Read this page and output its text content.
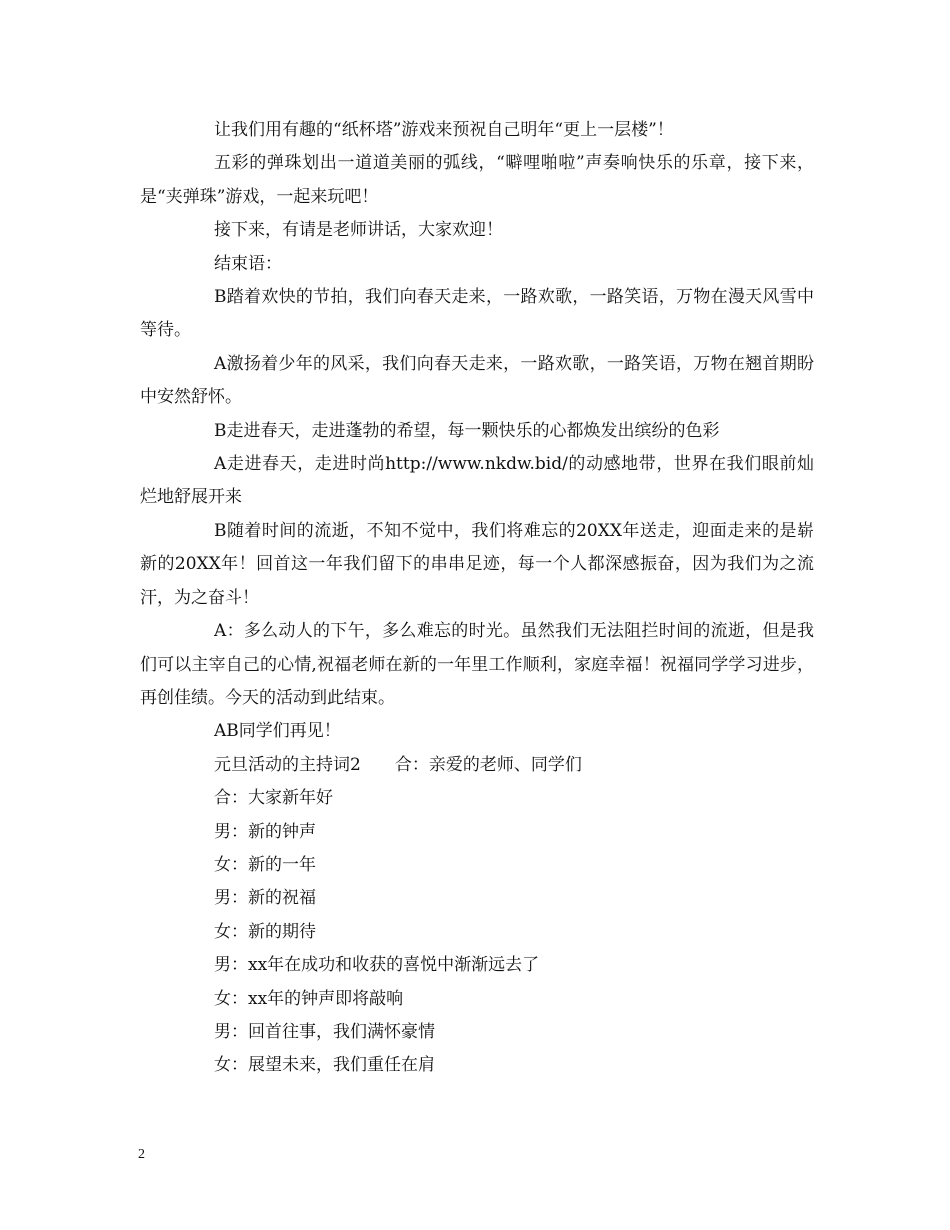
让我们用有趣的“纸杯塔”游戏来预祝自己明年“更上一层楼”！

五彩的弹珠划出一道道美丽的弧线，“噼哩啪啦”声奏响快乐的乐章，接下来，是“夹弹珠”游戏，一起来玩吧！

接下来，有请是老师讲话，大家欢迎！

结束语：

B踏着欢快的节拍，我们向春天走来，一路欢歌，一路笑语，万物在漫天风雪中等待。

A激扬着少年的风采，我们向春天走来，一路欢歌，一路笑语，万物在翘首期盼中安然舒怀。

B走进春天，走进蓬勃的希望，每一颗快乐的心都焕发出缤纷的色彩

A走进春天，走进时尚http://www.nkdw.bid/的动感地带，世界在我们眼前灿烂地舒展开来

B随着时间的流逝，不知不觉中，我们将难忘的20XX年送走，迎面走来的是崭新的20XX年！回首这一年我们留下的串串足迹，每一个人都深感振奋，因为我们为之流汗，为之奋斗！

A：多么动人的下午，多么难忘的时光。虽然我们无法阻拦时间的流逝，但是我们可以主宰自己的心情,祝福老师在新的一年里工作顺利，家庭幸福！祝福同学学习进步，再创佳绩。今天的活动到此结束。

AB同学们再见！

元旦活动的主持词2　　合：亲爱的老师、同学们

合：大家新年好

男：新的钟声

女：新的一年

男：新的祝福

女：新的期待

男：xx年在成功和收获的喜悦中渐渐远去了

女：xx年的钟声即将敲响

男：回首往事，我们满怀豪情

女：展望未来，我们重任在肩

2
